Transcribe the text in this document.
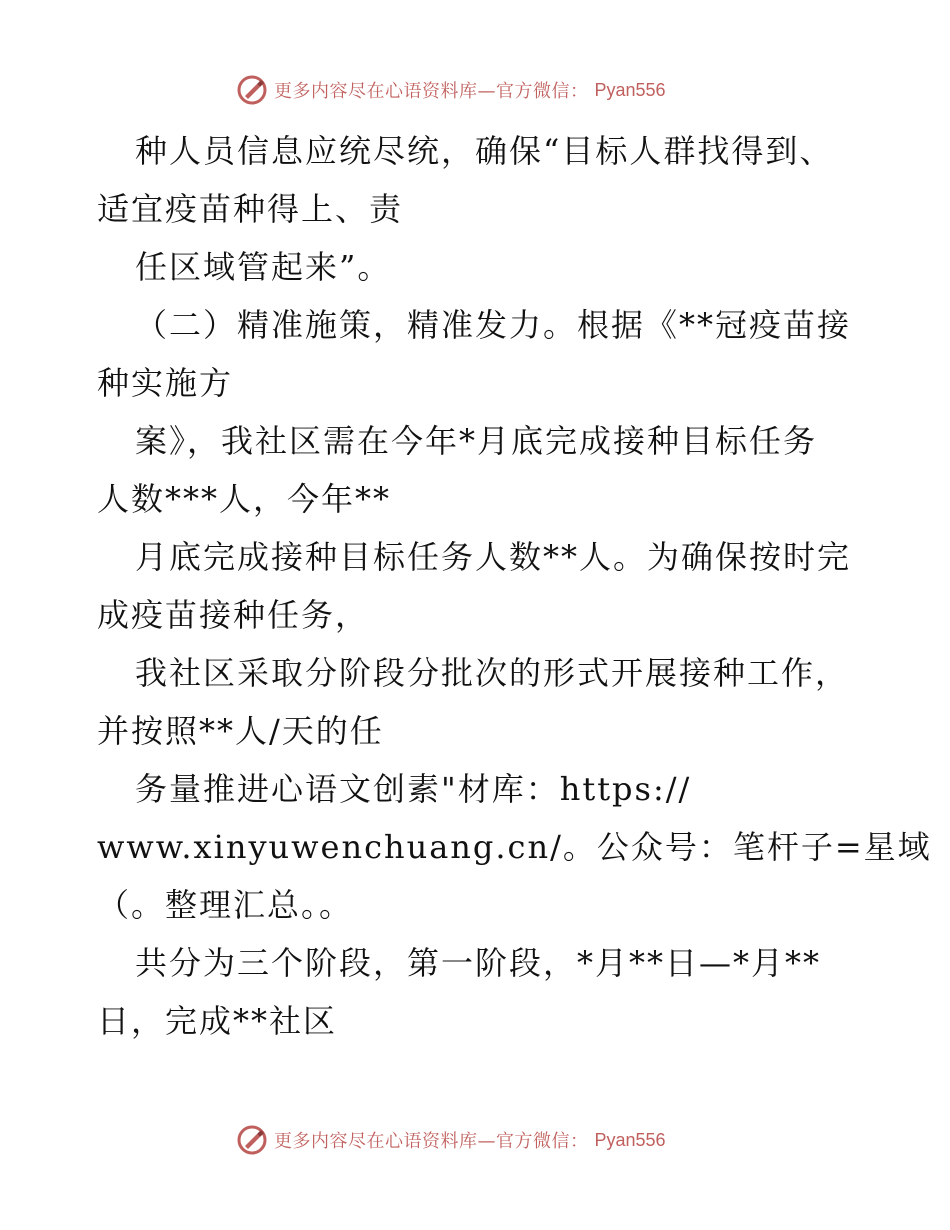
更多内容尽在心语资料库—官方微信： Pyan556
种人员信息应统尽统，确保“目标人群找得到、
适宜疫苗种得上、责
任区域管起来”。
（二）精准施策，精准发力。根据《**冠疫苗接
种实施方
案》，我社区需在今年*月底完成接种目标任务
人数***人，今年**
月底完成接种目标任务人数**人。为确保按时完
成疫苗接种任务，
我社区采取分阶段分批次的形式开展接种工作，
并按照**人/天的任
务量推进心语文创素"材库：https://
www.xinyuwenchuang.cn/。公众号：笔杆子=星域
（。整理汇总。。
共分为三个阶段，第一阶段，*月**日—*月**
日，完成**社区
更多内容尽在心语资料库—官方微信： Pyan556
